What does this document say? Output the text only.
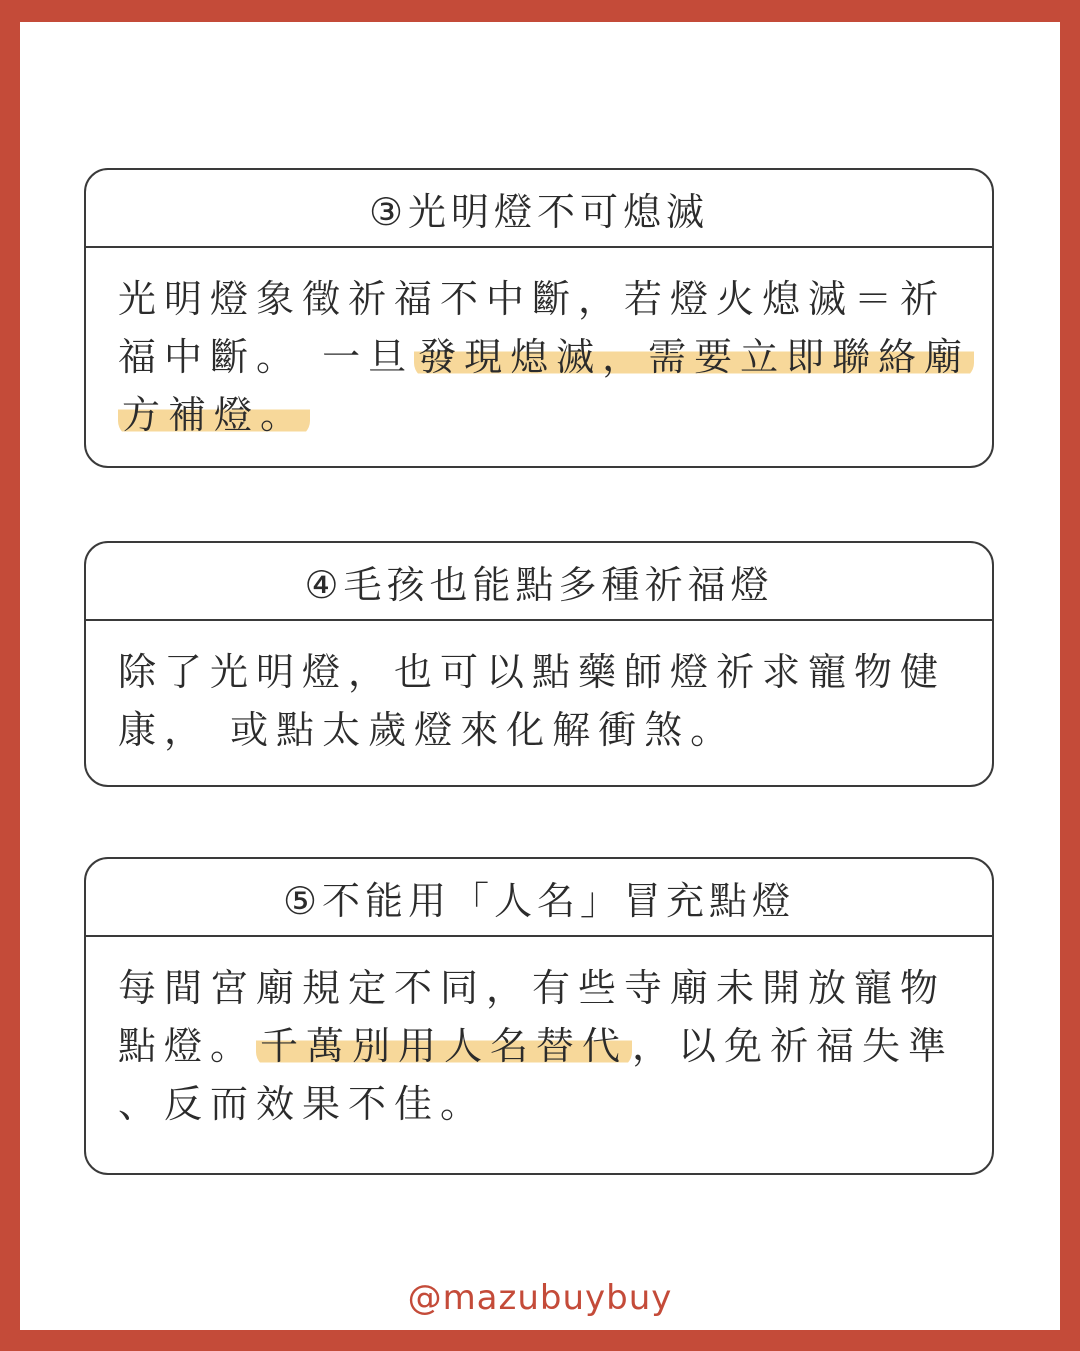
③光明燈不可熄滅
光明燈象徵祈福不中斷，若燈火熄滅＝祈
福中斷。 一旦 發現熄滅，需要立即聯絡廟
方補燈。
④毛孩也能點多種祈福燈
除了光明燈，也可以點藥師燈祈求寵物健
康， 或點太歲燈來化解衝煞。
⑤不能用「人名」冒充點燈
每間宮廟規定不同，有些寺廟未開放寵物
點燈。 千萬別用人名替代 ，以免祈福失準
、反而效果不佳。
@mazubuybuy
